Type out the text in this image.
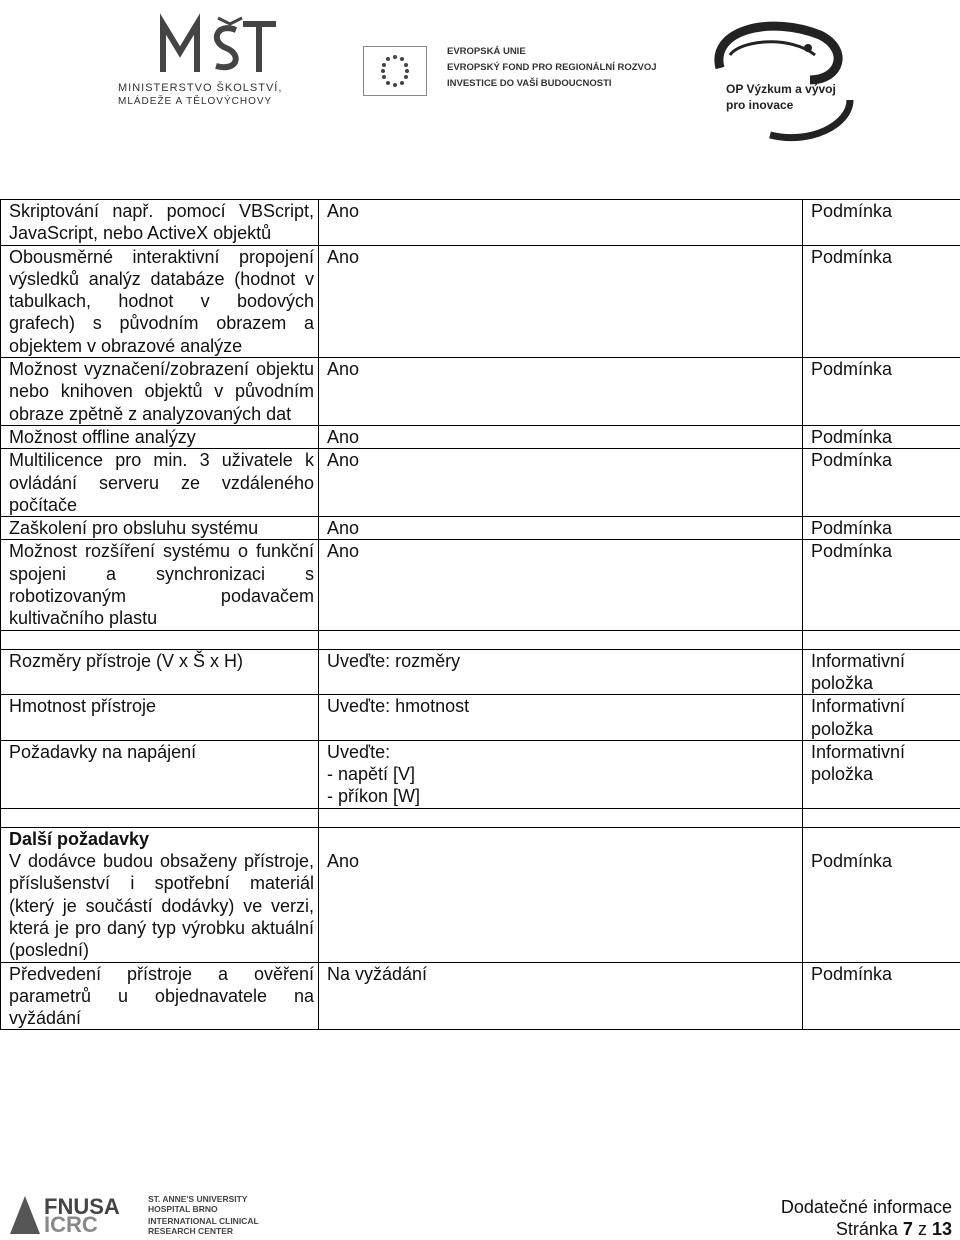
MINISTERSTVO ŠKOLSTVÍ,
MLÁDEŽE A TĚLOVÝCHOVY
EVROPSKÁ UNIE
EVROPSKÝ FOND PRO REGIONÁLNÍ ROZVOJ
INVESTICE DO VAŠÍ BUDOUCNOSTI	OP Výzkum a vývoj
pro inovace
Skriptování např. pomocí VBScript, JavaScript, nebo ActiveX objektů	Ano	Podmínka
Obousměrné interaktivní propojení výsledků analýz databáze (hodnot v tabulkach, hodnot v bodových grafech) s původním obrazem a objektem v obrazové analýze	Ano	Podmínka
Možnost vyznačení/zobrazení objektu nebo knihoven objektů v původním obraze zpětně z analyzovaných dat	Ano	Podmínka
Možnost offline analýzy	Ano	Podmínka
Multilicence pro min. 3 uživatele k ovládání serveru ze vzdáleného počítače	Ano	Podmínka
Zaškolení pro obsluhu systému	Ano	Podmínka
Možnost rozšíření systému o funkční spojeni a synchronizaci s robotizovaným podavačem kultivačního plastu	Ano	Podmínka

Rozměry přístroje (V x Š x H)	Uveďte: rozměry	Informativní položka
Hmotnost přístroje	Uveďte: hmotnost	Informativní položka
Požadavky na napájení	Uveďte:
- napětí [V]
- příkon [W]	Informativní položka

Další požadavky		
V dodávce budou obsaženy přístroje, příslušenství i spotřební materiál (který je součástí dodávky) ve verzi, která je pro daný typ výrobku aktuální (poslední)	Ano	Podmínka
Předvedení přístroje a ověření parametrů u objednavatele na vyžádání	Na vyžádání	Podmínka
FNUSA
ICRC
ST. ANNE'S UNIVERSITY
HOSPITAL BRNO
INTERNATIONAL CLINICAL
RESEARCH CENTER
Dodatečné informace
Stránka 7 z 13
